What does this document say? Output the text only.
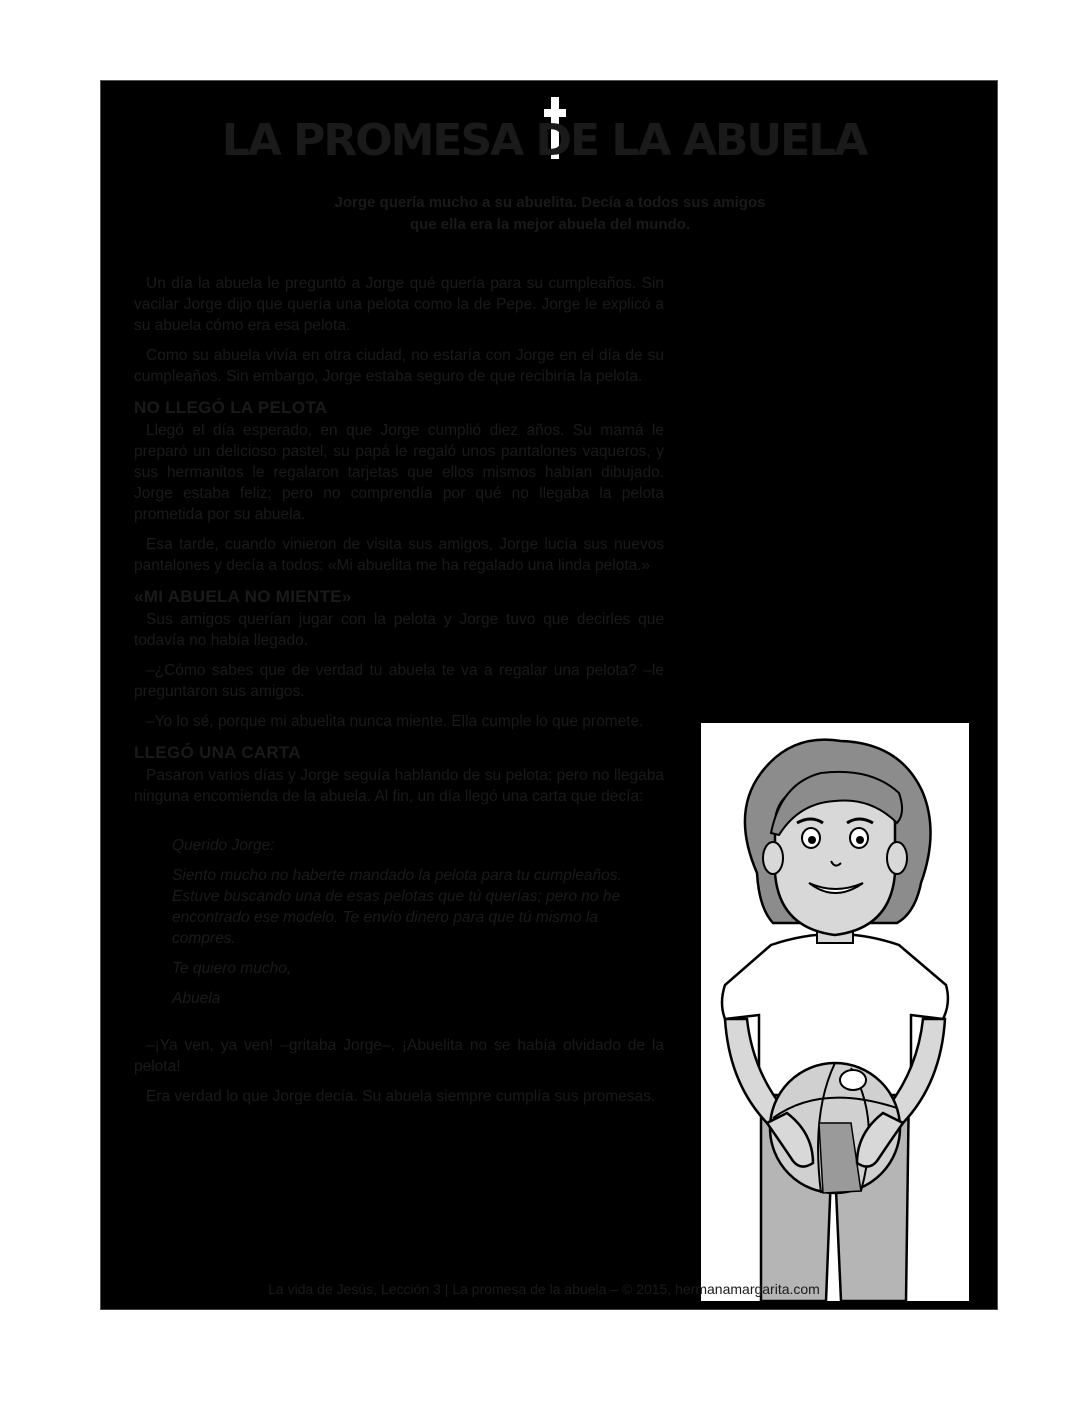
LA PROMESA DE LA ABUELA
Jorge quería mucho a su abuelita. Decía a todos sus amigos
que ella era la mejor abuela del mundo.

Un día la abuela le preguntó a Jorge qué quería para su cumpleaños. Sin vacilar Jorge dijo que quería una pelota como la de Pepe. Jorge le explicó a su abuela cómo era esa pelota.

Como su abuela vivía en otra ciudad, no estaría con Jorge en el día de su cumpleaños. Sin embargo, Jorge estaba seguro de que recibiría la pelota.

NO LLEGÓ LA PELOTA

Llegó el día esperado, en que Jorge cumplió diez años. Su mamá le preparó un delicioso pastel, su papá le regaló unos pantalones vaqueros, y sus hermanitos le regalaron tarjetas que ellos mismos habían dibujado. Jorge estaba feliz; pero no comprendía por qué no llegaba la pelota prometida por su abuela.

Esa tarde, cuando vinieron de visita sus amigos, Jorge lucía sus nuevos pantalones y decía a todos: «Mi abuelita me ha regalado una linda pelota.»

«MI ABUELA NO MIENTE»

Sus amigos querían jugar con la pelota y Jorge tuvo que decirles que todavía no había llegado.

–¿Cómo sabes que de verdad tu abuela te va a regalar una pelota? –le preguntaron sus amigos.

–Yo lo sé, porque mi abuelita nunca miente. Ella cumple lo que promete.

LLEGÓ UNA CARTA

Pasaron varios días y Jorge seguía hablando de su pelota; pero no llegaba ninguna encomienda de la abuela. Al fin, un día llegó una carta que decía:

Querido Jorge:

Siento mucho no haberte mandado la pelota para tu cumpleaños. Estuve buscando una de esas pelotas que tú querías; pero no he encontrado ese modelo. Te envío dinero para que tú mismo la compres.

Te quiero mucho,

Abuela

–¡Ya ven, ya ven! –gritaba Jorge–. ¡Abuelita no se había olvidado de la pelota!

Era verdad lo que Jorge decía. Su abuela siempre cumplía sus promesas.

La vida de Jesús, Lección 3 | La promesa de la abuela – © 2015, hermanamargarita.com
